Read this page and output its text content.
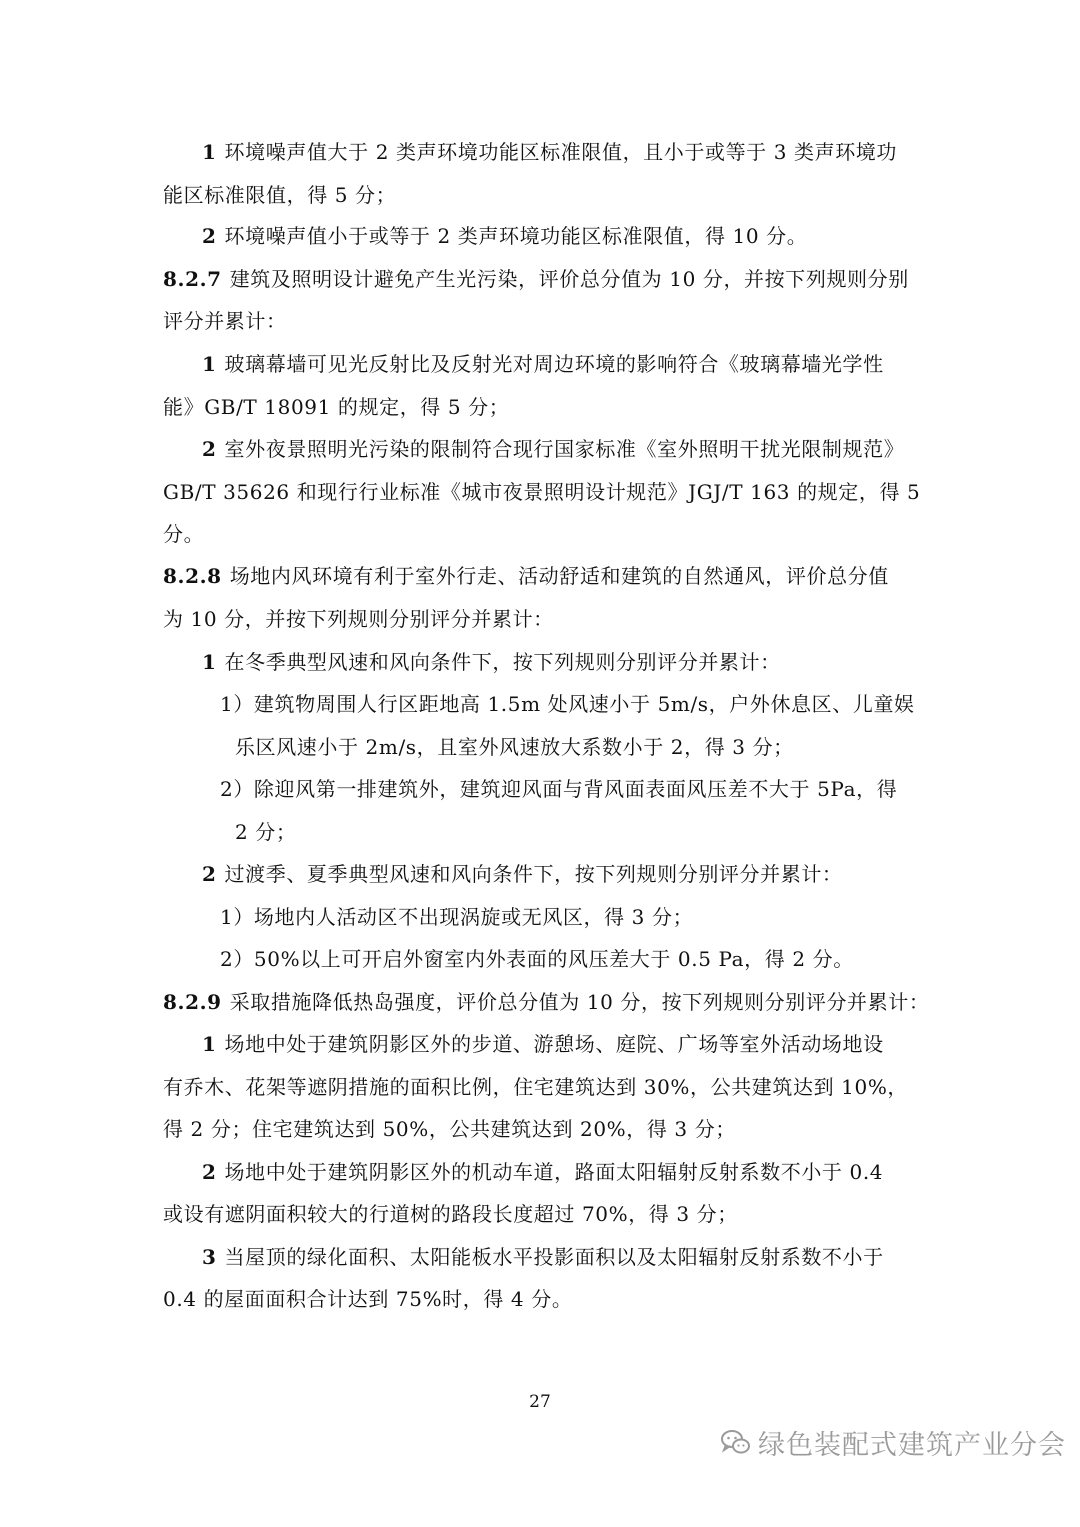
1 环境噪声值大于 2 类声环境功能区标准限值，且小于或等于 3 类声环境功
能区标准限值，得 5 分；
2 环境噪声值小于或等于 2 类声环境功能区标准限值，得 10 分。
8.2.7 建筑及照明设计避免产生光污染，评价总分值为 10 分，并按下列规则分别
评分并累计：
1 玻璃幕墙可见光反射比及反射光对周边环境的影响符合《玻璃幕墙光学性
能》GB/T 18091 的规定，得 5 分；
2 室外夜景照明光污染的限制符合现行国家标准《室外照明干扰光限制规范》
GB/T 35626 和现行行业标准《城市夜景照明设计规范》JGJ/T 163 的规定，得 5
分。
8.2.8 场地内风环境有利于室外行走、活动舒适和建筑的自然通风，评价总分值
为 10 分，并按下列规则分别评分并累计：
1 在冬季典型风速和风向条件下，按下列规则分别评分并累计：
1）建筑物周围人行区距地高 1.5m 处风速小于 5m/s，户外休息区、儿童娱
乐区风速小于 2m/s，且室外风速放大系数小于 2，得 3 分；
2）除迎风第一排建筑外，建筑迎风面与背风面表面风压差不大于 5Pa，得
2 分；
2 过渡季、夏季典型风速和风向条件下，按下列规则分别评分并累计：
1）场地内人活动区不出现涡旋或无风区，得 3 分；
2）50%以上可开启外窗室内外表面的风压差大于 0.5 Pa，得 2 分。
8.2.9 采取措施降低热岛强度，评价总分值为 10 分，按下列规则分别评分并累计：
1 场地中处于建筑阴影区外的步道、游憩场、庭院、广场等室外活动场地设
有乔木、花架等遮阴措施的面积比例，住宅建筑达到 30%，公共建筑达到 10%，
得 2 分；住宅建筑达到 50%，公共建筑达到 20%，得 3 分；
2 场地中处于建筑阴影区外的机动车道，路面太阳辐射反射系数不小于 0.4
或设有遮阴面积较大的行道树的路段长度超过 70%，得 3 分；
3 当屋顶的绿化面积、太阳能板水平投影面积以及太阳辐射反射系数不小于
0.4 的屋面面积合计达到 75%时，得 4 分。
27
绿色装配式建筑产业分会
